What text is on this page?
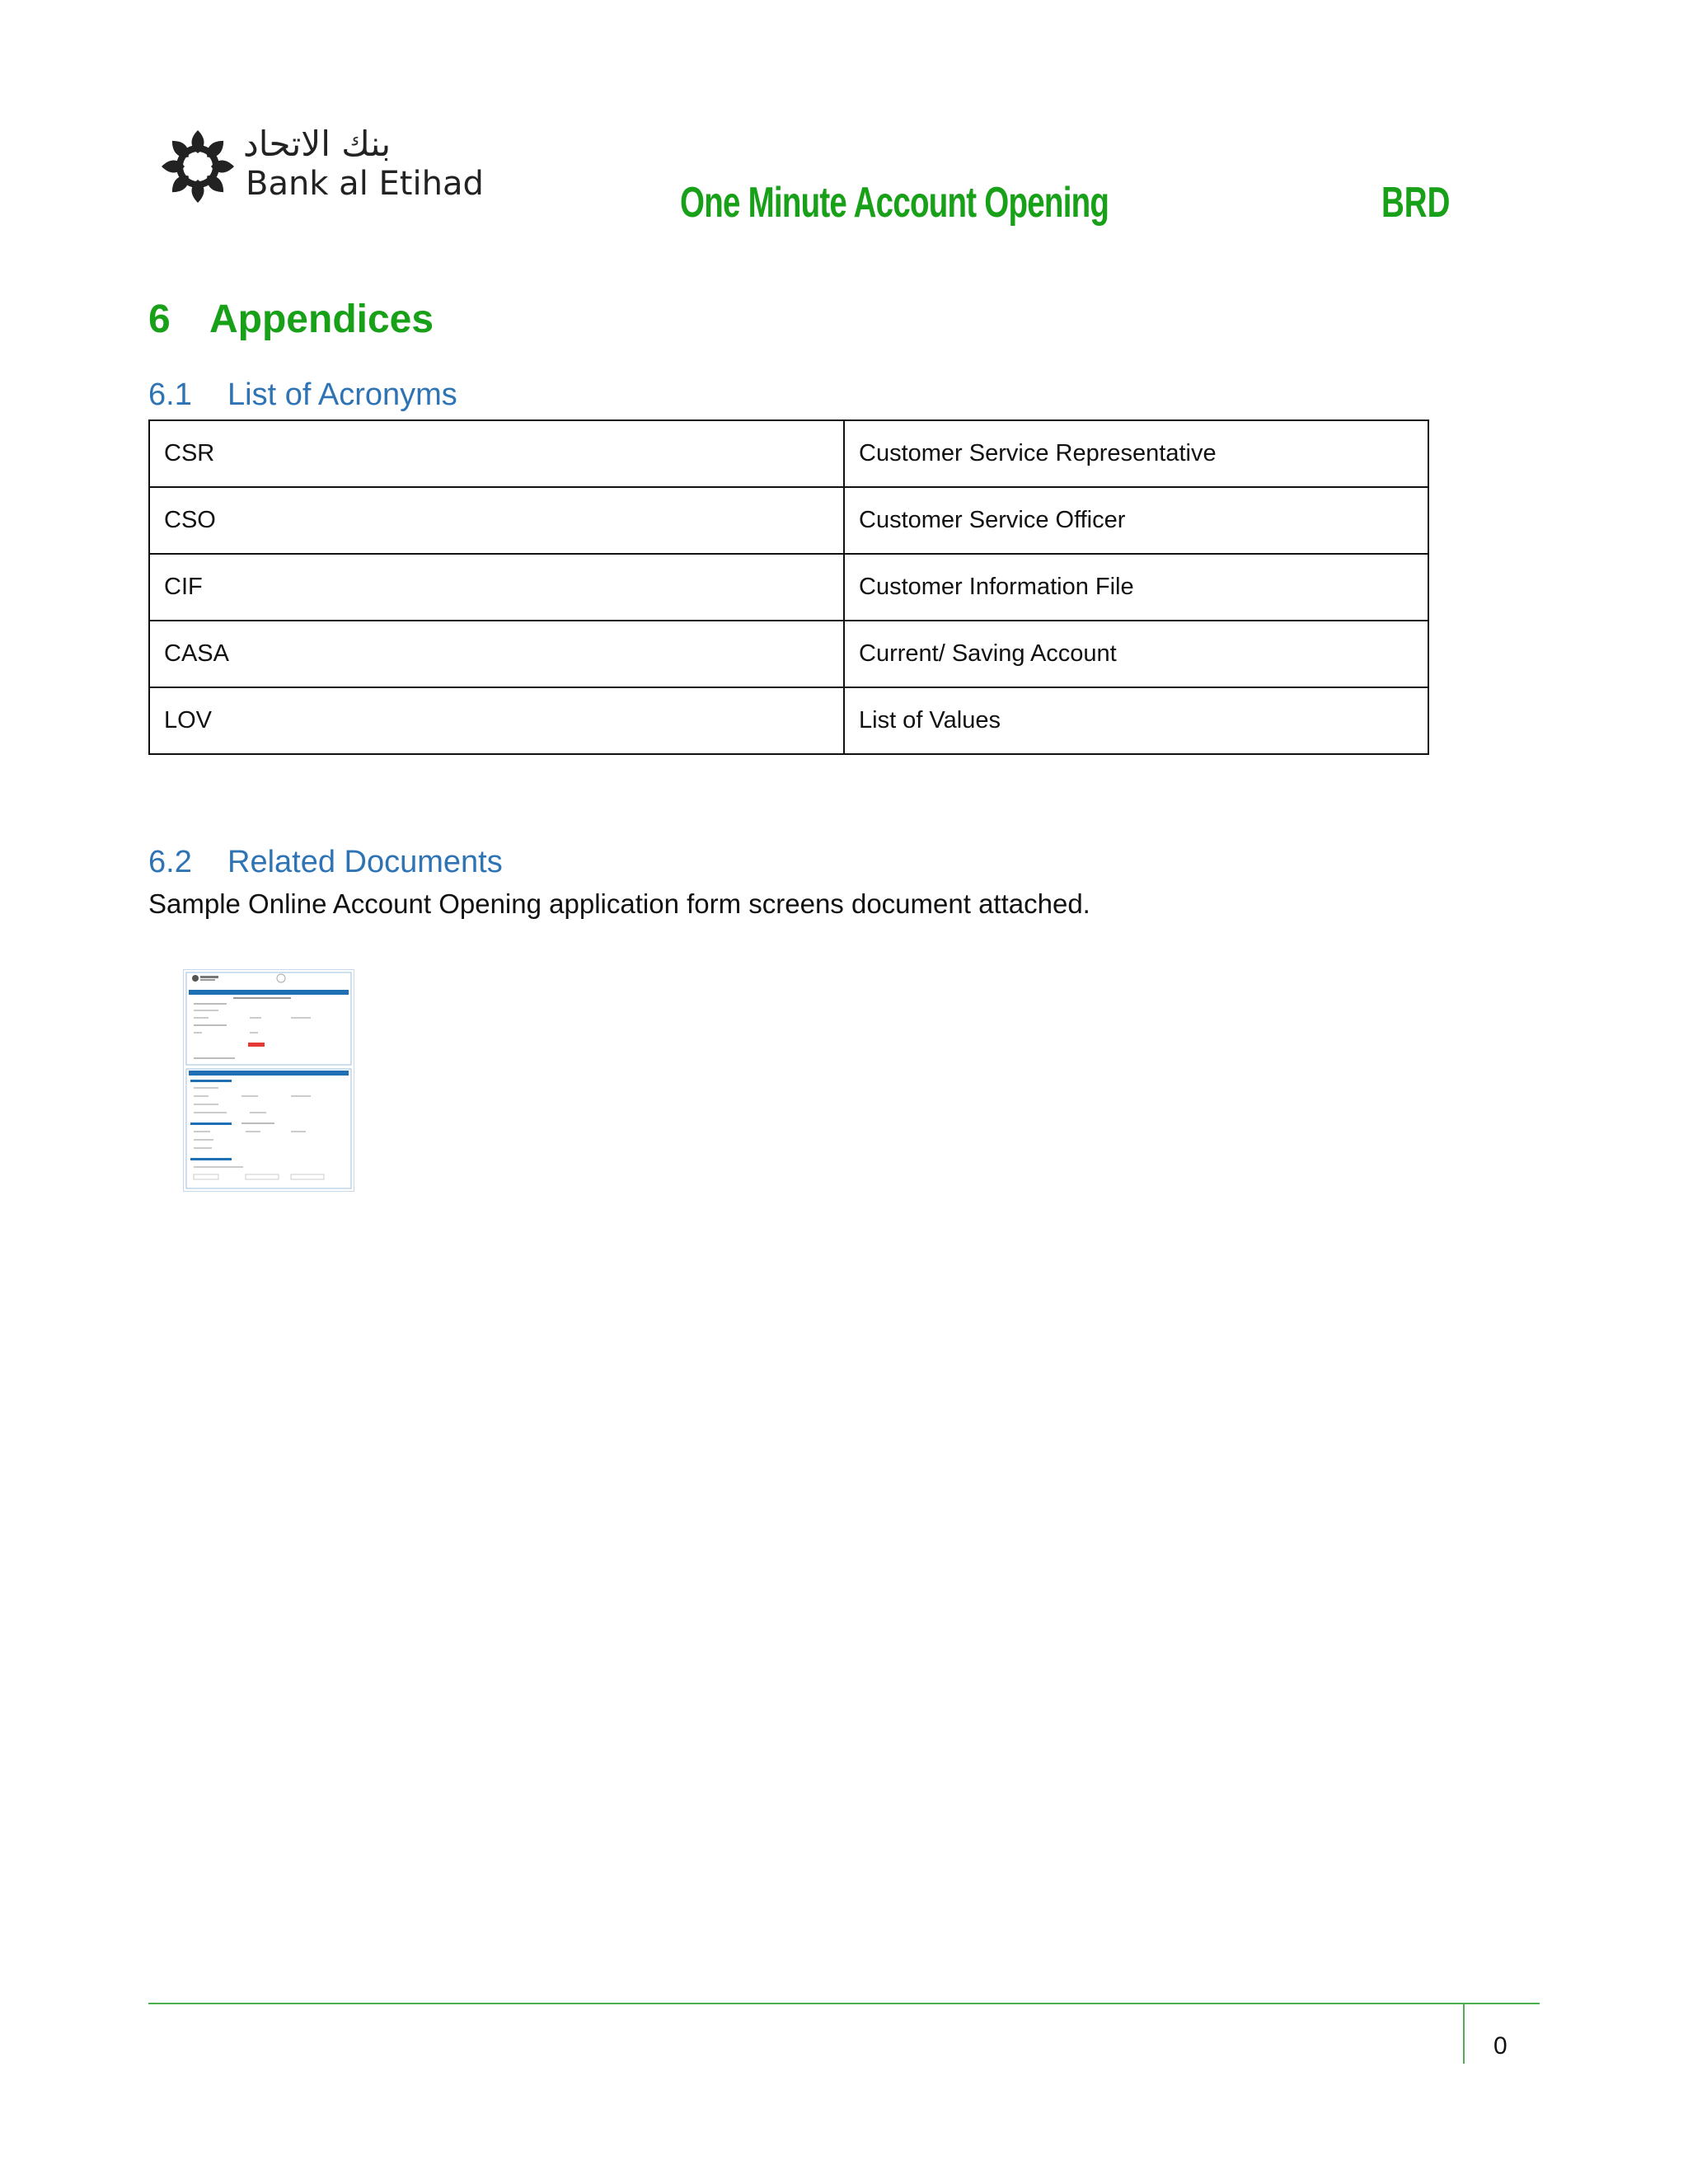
بنك الاتحاد
Bank al Etihad	One Minute Account Opening	BRD
6 Appendices
6.1 List of Acronyms
CSR	Customer Service Representative
CSO	Customer Service Officer
CIF	Customer Information File
CASA	Current/ Saving Account
LOV	List of Values
6.2 Related Documents
Sample Online Account Opening application form screens document attached.
0
